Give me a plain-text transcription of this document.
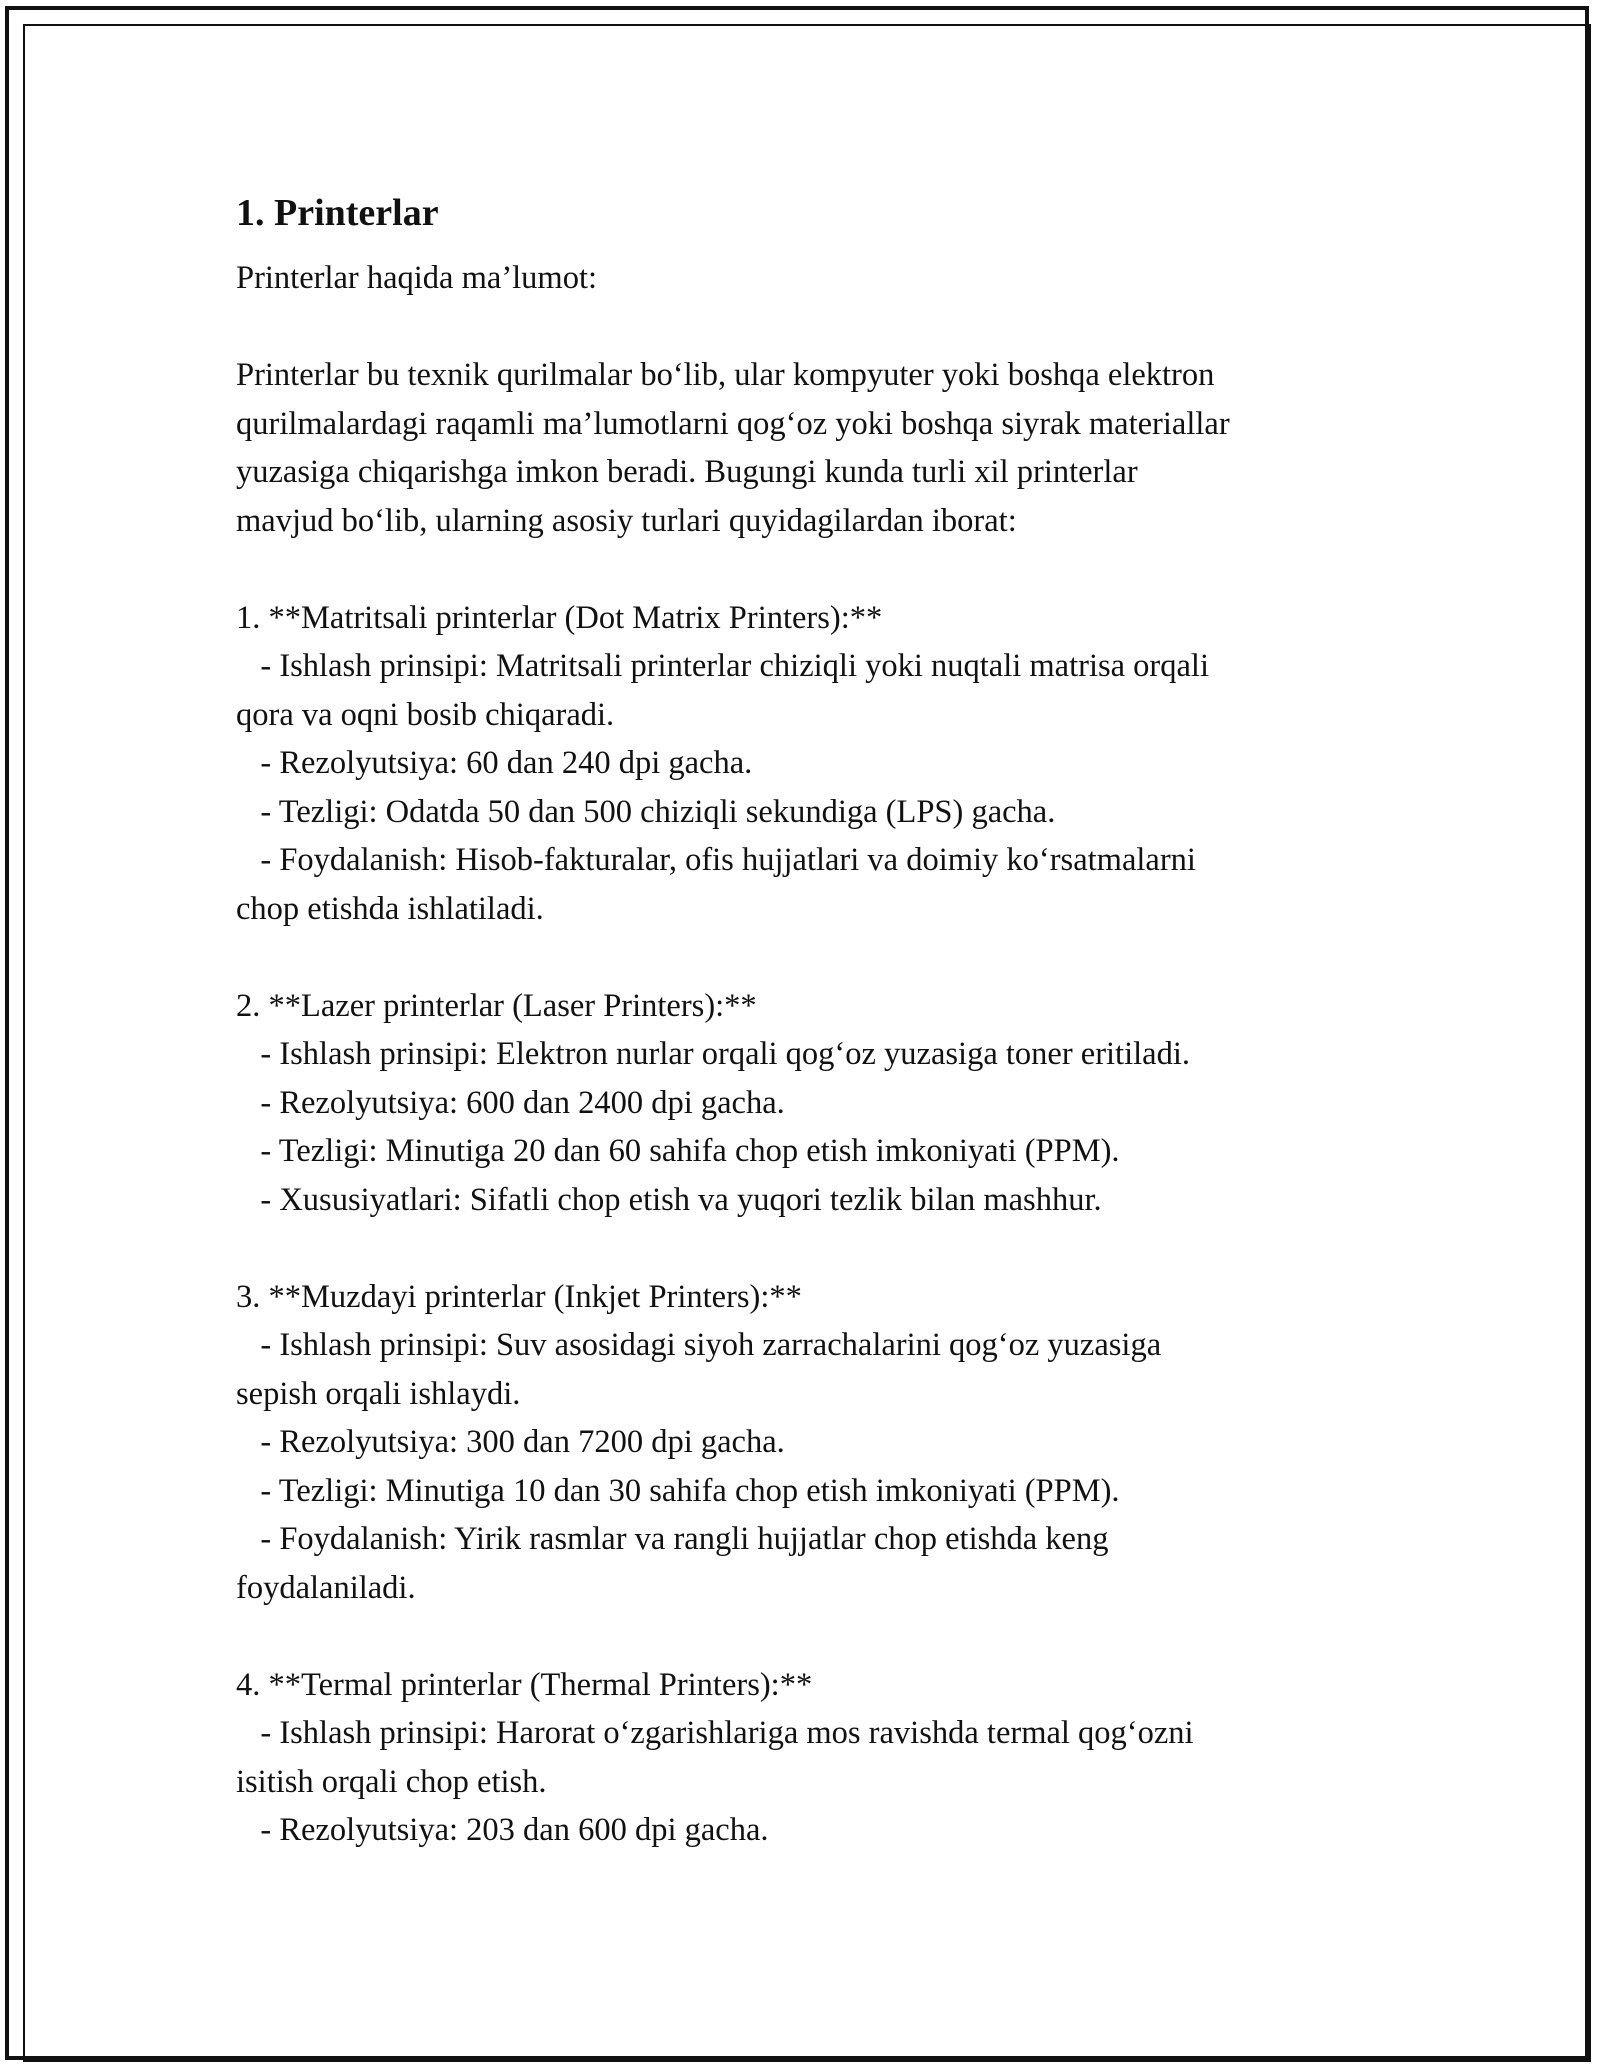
1. Printerlar

Printerlar haqida ma’lumot:

Printerlar bu texnik qurilmalar bo‘lib, ular kompyuter yoki boshqa elektron

qurilmalardagi raqamli ma’lumotlarni qog‘oz yoki boshqa siyrak materiallar

yuzasiga chiqarishga imkon beradi. Bugungi kunda turli xil printerlar

mavjud bo‘lib, ularning asosiy turlari quyidagilardan iborat:

1. **Matritsali printerlar (Dot Matrix Printers):**

- Ishlash prinsipi: Matritsali printerlar chiziqli yoki nuqtali matrisa orqali

qora va oqni bosib chiqaradi.

- Rezolyutsiya: 60 dan 240 dpi gacha.

- Tezligi: Odatda 50 dan 500 chiziqli sekundiga (LPS) gacha.

- Foydalanish: Hisob-fakturalar, ofis hujjatlari va doimiy ko‘rsatmalarni

chop etishda ishlatiladi.

2. **Lazer printerlar (Laser Printers):**

- Ishlash prinsipi: Elektron nurlar orqali qog‘oz yuzasiga toner eritiladi.

- Rezolyutsiya: 600 dan 2400 dpi gacha.

- Tezligi: Minutiga 20 dan 60 sahifa chop etish imkoniyati (PPM).

- Xususiyatlari: Sifatli chop etish va yuqori tezlik bilan mashhur.

3. **Muzdayi printerlar (Inkjet Printers):**

- Ishlash prinsipi: Suv asosidagi siyoh zarrachalarini qog‘oz yuzasiga

sepish orqali ishlaydi.

- Rezolyutsiya: 300 dan 7200 dpi gacha.

- Tezligi: Minutiga 10 dan 30 sahifa chop etish imkoniyati (PPM).

- Foydalanish: Yirik rasmlar va rangli hujjatlar chop etishda keng

foydalaniladi.

4. **Termal printerlar (Thermal Printers):**

- Ishlash prinsipi: Harorat o‘zgarishlariga mos ravishda termal qog‘ozni

isitish orqali chop etish.

- Rezolyutsiya: 203 dan 600 dpi gacha.
